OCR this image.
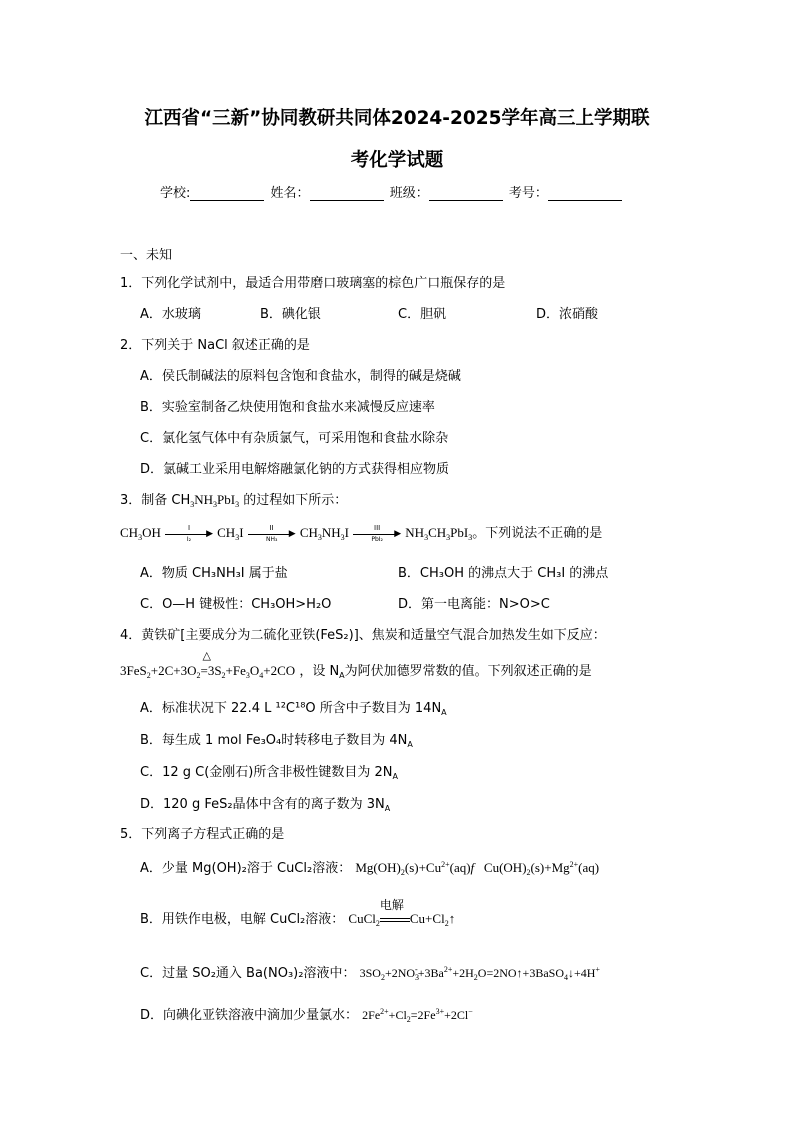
江西省“三新”协同教研共同体2024-2025学年高三上学期联
考化学试题
学校:	姓名：	班级：	考号：
一、未知
1．下列化学试剂中，最适合用带磨口玻璃塞的棕色广口瓶保存的是
A．水玻璃	B．碘化银	C．胆矾	D．浓硝酸
2．下列关于 NaCl 叙述正确的是
A．侯氏制碱法的原料包含饱和食盐水，制得的碱是烧碱
B．实验室制备乙炔使用饱和食盐水来减慢反应速率
C．氯化氢气体中有杂质氯气，可采用饱和食盐水除杂
D．氯碱工业采用电解熔融氯化钠的方式获得相应物质
3．制备 $CH_3NH_3PbI_3$ 的过程如下所示：
$CH_3OH$	I
▶
I₂	$CH_3I$	II
▶
NH₃	$CH_3NH_3I$	III
▶
PbI₂	$NH_3CH_3PbI_3$。下列说法不正确的是
A．物质 CH₃NH₃I 属于盐	B．CH₃OH 的沸点大于 CH₃I 的沸点
C．O—H 键极性：CH₃OH>H₂O	D．第一电离能：N>O>C
4．黄铁矿[主要成分为二硫化亚铁(FeS₂)]、焦炭和适量空气混合加热发生如下反应：
$3FeS_2+2C+3O_2$
△
$=3S_2+Fe_3O_4+2CO$ ，设 $N_A$为阿伏加德罗常数的值。下列叙述正确的是
A．标准状况下 22.4 L ¹²C¹⁸O 所含中子数目为 $14N_A$
B．每生成 1 mol Fe₃O₄时转移电子数目为 $4N_A$
C．12 g C(金刚石)所含非极性键数目为 $2N_A$
D．120 g FeS₂晶体中含有的离子数为 $3N_A$
5．下列离子方程式正确的是
A．少量 Mg(OH)₂溶于 CuCl₂溶液： $Mg(OH)_2(s)+Cu^{2+}(aq)f$   $Cu(OH)_2(s)+Mg^{2+}(aq)$
B．用铁作电极，电解 CuCl₂溶液： CuCl$_2$
电解
$Cu+Cl_2↑$
C．过量 SO₂通入 Ba(NO₃)₂溶液中： $3SO_2+2NO_3^-+3Ba^{2+}+2H_2O=2NO↑+3BaSO_4↓+4H^+$
D．向碘化亚铁溶液中滴加少量氯水： $2Fe^{2+}+Cl_2=2Fe^{3+}+2Cl^-$
